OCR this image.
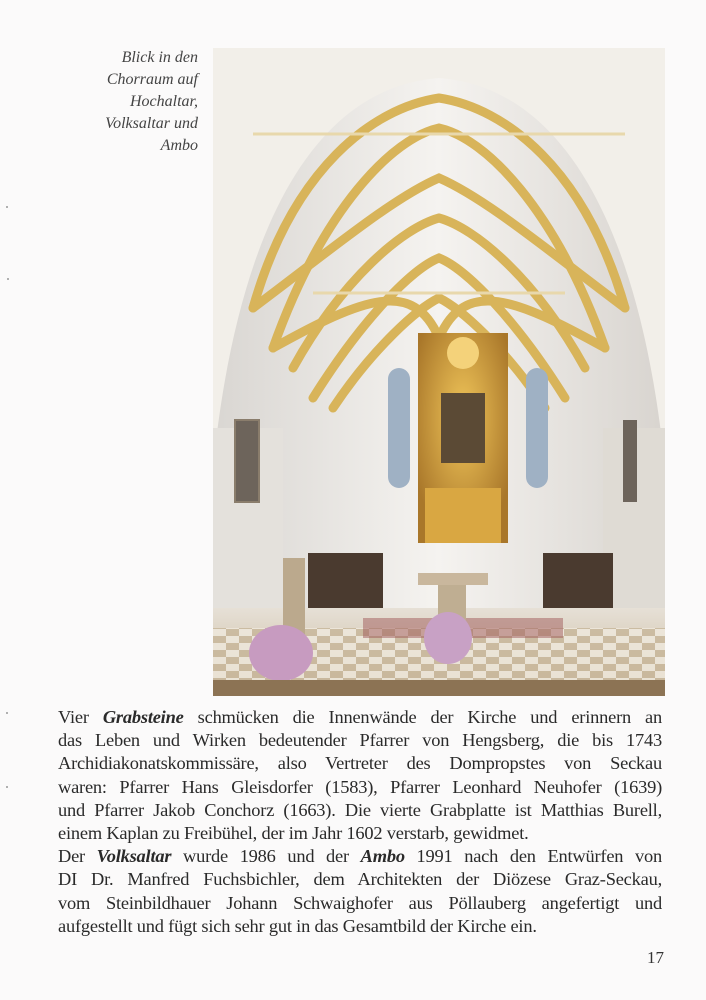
Blick in den
Chorraum auf
Hochaltar,
Volksaltar und
Ambo
Vier Grabsteine schmücken die Innenwände der Kirche und erinnern an
das Leben und Wirken bedeutender Pfarrer von Hengsberg, die bis 1743
Archidiakonatskommissäre, also Vertreter des Dompropstes von Seckau
waren: Pfarrer Hans Gleisdorfer (1583), Pfarrer Leonhard Neuhofer (1639)
und Pfarrer Jakob Conchorz (1663). Die vierte Grabplatte ist Matthias Burell,
einem Kaplan zu Freibühel, der im Jahr 1602 verstarb, gewidmet.
Der Volksaltar wurde 1986 und der Ambo 1991 nach den Entwürfen von
DI Dr. Manfred Fuchsbichler, dem Architekten der Diözese Graz-Seckau,
vom Steinbildhauer Johann Schwaighofer aus Pöllauberg angefertigt und
aufgestellt und fügt sich sehr gut in das Gesamtbild der Kirche ein.
17
